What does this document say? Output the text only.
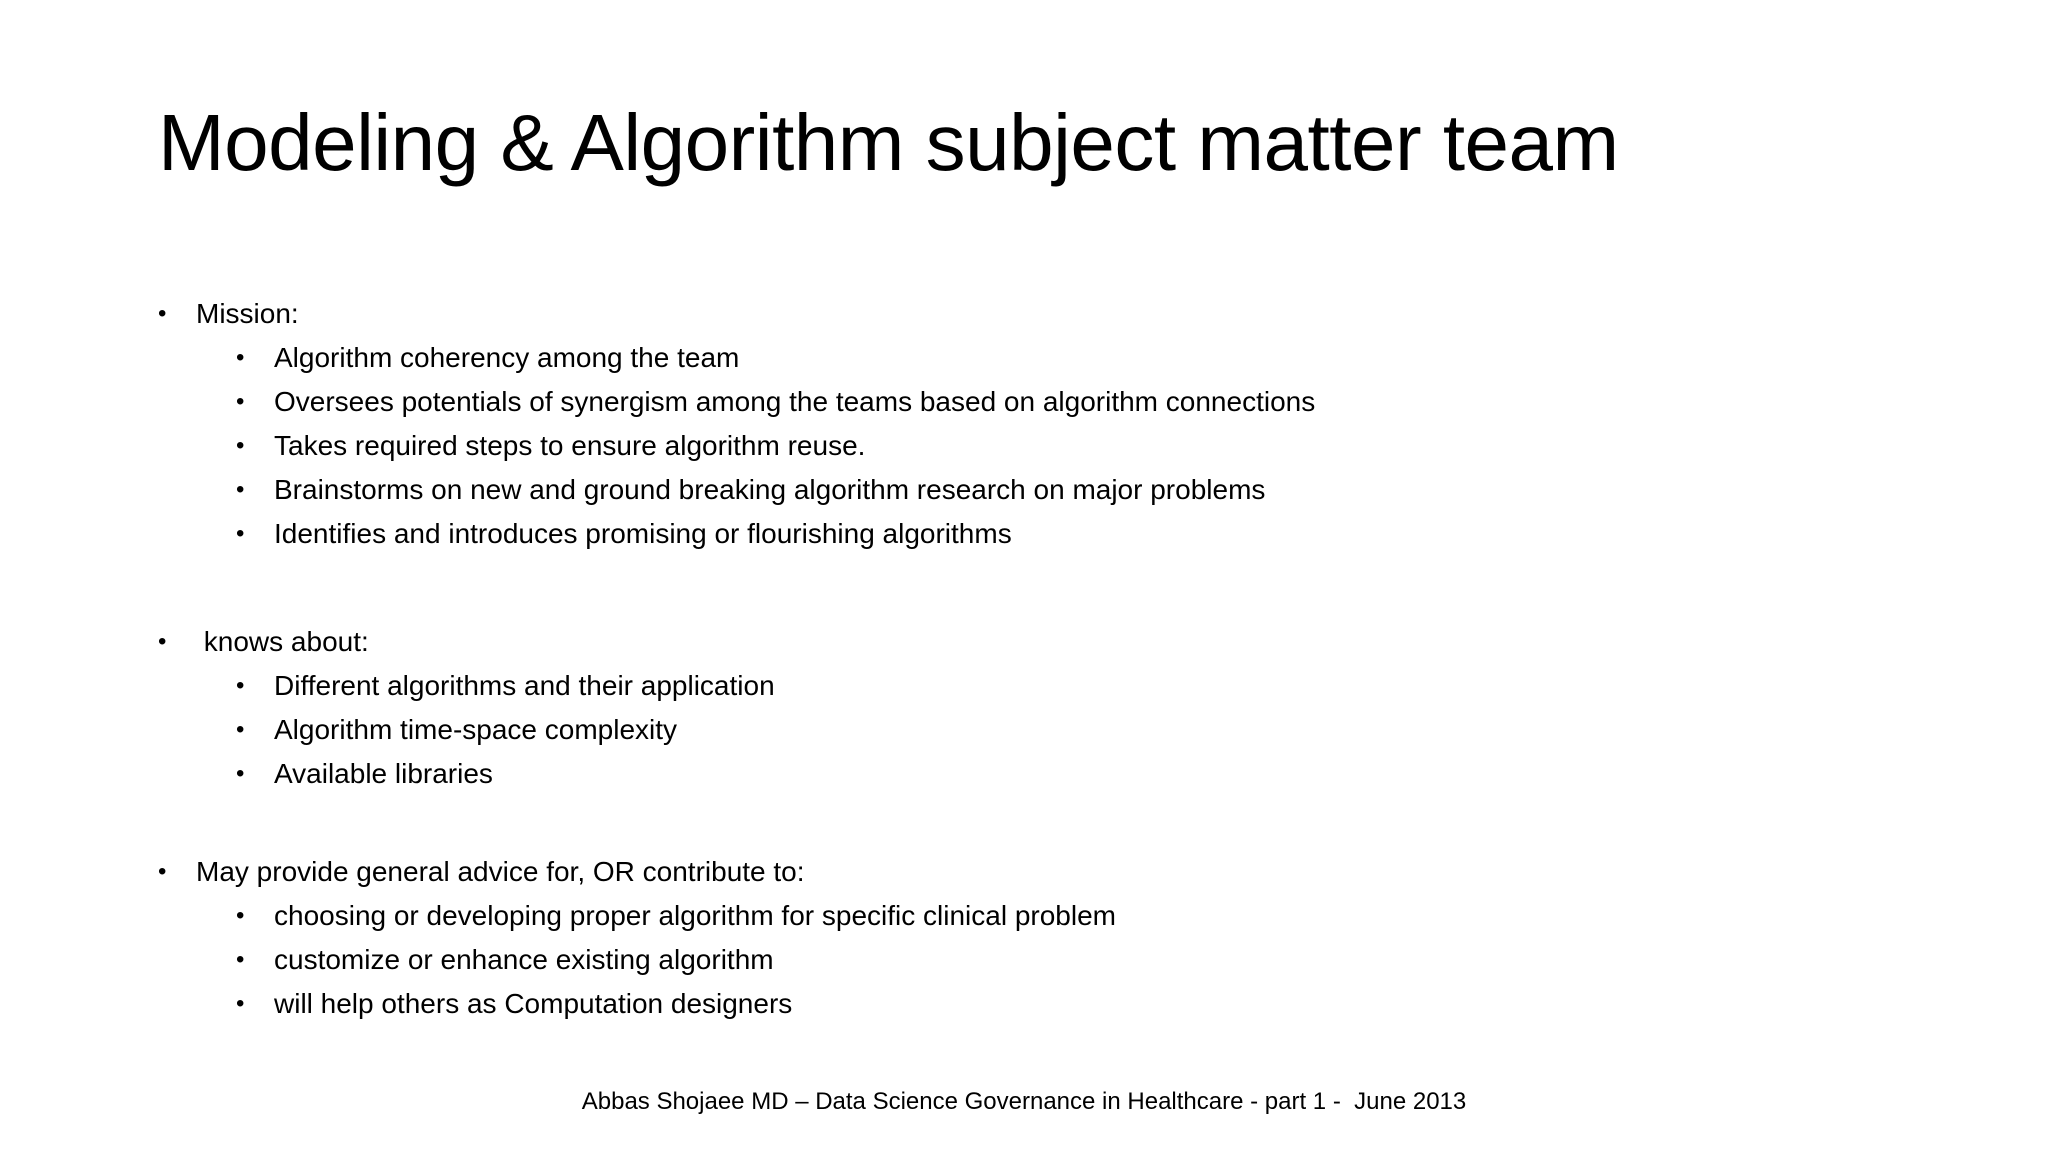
Modeling & Algorithm subject matter team
• Mission:
• Algorithm coherency among the team
• Oversees potentials of synergism among the teams based on algorithm connections
• Takes required steps to ensure algorithm reuse.
• Brainstorms on new and ground breaking algorithm research on major problems
• Identifies and introduces promising or flourishing algorithms
• knows about:
• Different algorithms and their application
• Algorithm time-space complexity
• Available libraries
• May provide general advice for, OR contribute to:
• choosing or developing proper algorithm for specific clinical problem
• customize or enhance existing algorithm
• will help others as Computation designers
Abbas Shojaee MD – Data Science Governance in Healthcare - part 1 -  June 2013
